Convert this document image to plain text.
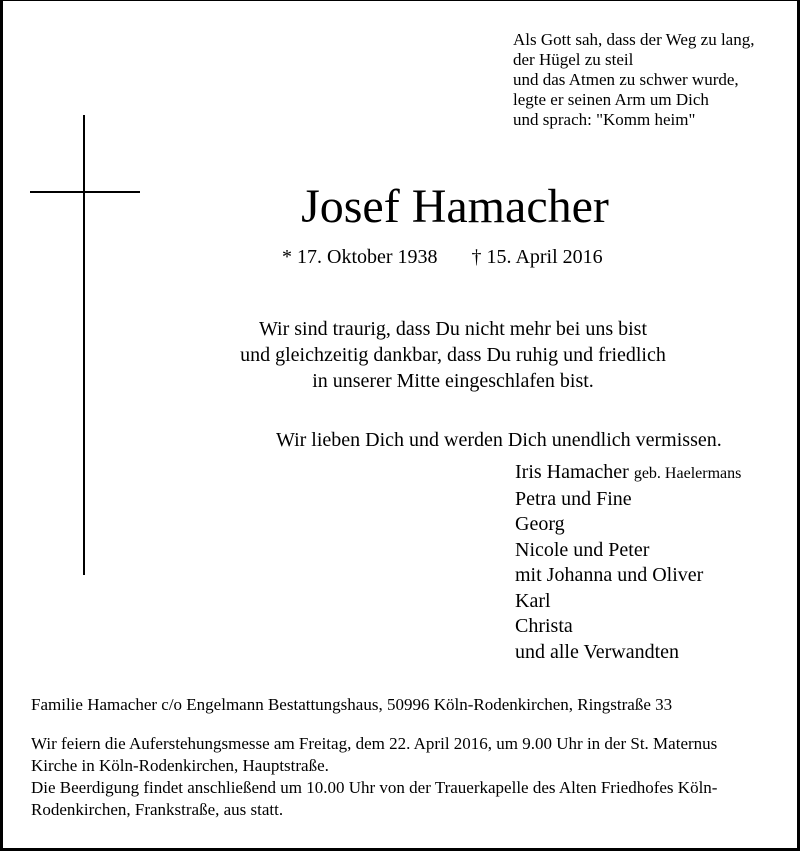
Als Gott sah, dass der Weg zu lang,
der Hügel zu steil
und das Atmen zu schwer wurde,
legte er seinen Arm um Dich
und sprach: "Komm heim"
Josef Hamacher
* 17. Oktober 1938 † 15. April 2016
Wir sind traurig, dass Du nicht mehr bei uns bist
und gleichzeitig dankbar, dass Du ruhig und friedlich
in unserer Mitte eingeschlafen bist.
Wir lieben Dich und werden Dich unendlich vermissen.
Iris Hamacher geb. Haelermans
Petra und Fine
Georg
Nicole und Peter
mit Johanna und Oliver
Karl
Christa
und alle Verwandten
Familie Hamacher c/o Engelmann Bestattungshaus, 50996 Köln-Rodenkirchen, Ringstraße 33
Wir feiern die Auferstehungsmesse am Freitag, dem 22. April 2016, um 9.00 Uhr in der St. Maternus
Kirche in Köln-Rodenkirchen, Hauptstraße.
Die Beerdigung findet anschließend um 10.00 Uhr von der Trauerkapelle des Alten Friedhofes Köln-
Rodenkirchen, Frankstraße, aus statt.
